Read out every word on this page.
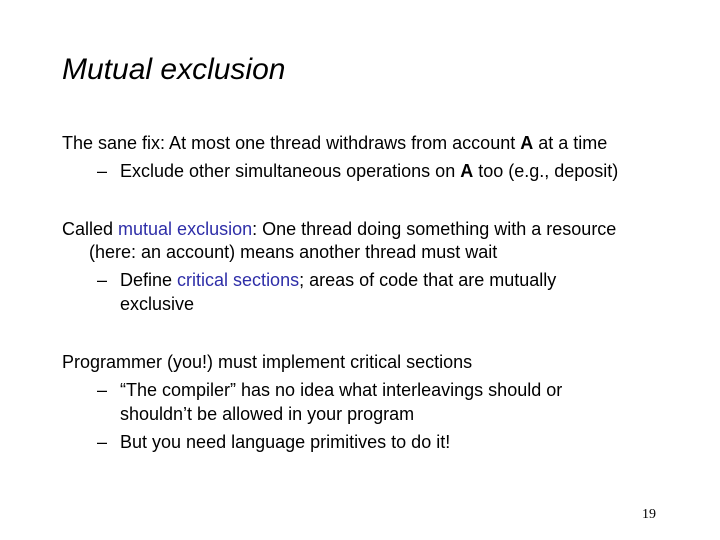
Mutual exclusion
The sane fix: At most one thread withdraws from account A at a time
– Exclude other simultaneous operations on A too (e.g., deposit)
Called mutual exclusion: One thread doing something with a resource
(here: an account) means another thread must wait
– Define critical sections; areas of code that are mutually
exclusive
Programmer (you!) must implement critical sections
– “The compiler” has no idea what interleavings should or
shouldn’t be allowed in your program
– But you need language primitives to do it!
19
